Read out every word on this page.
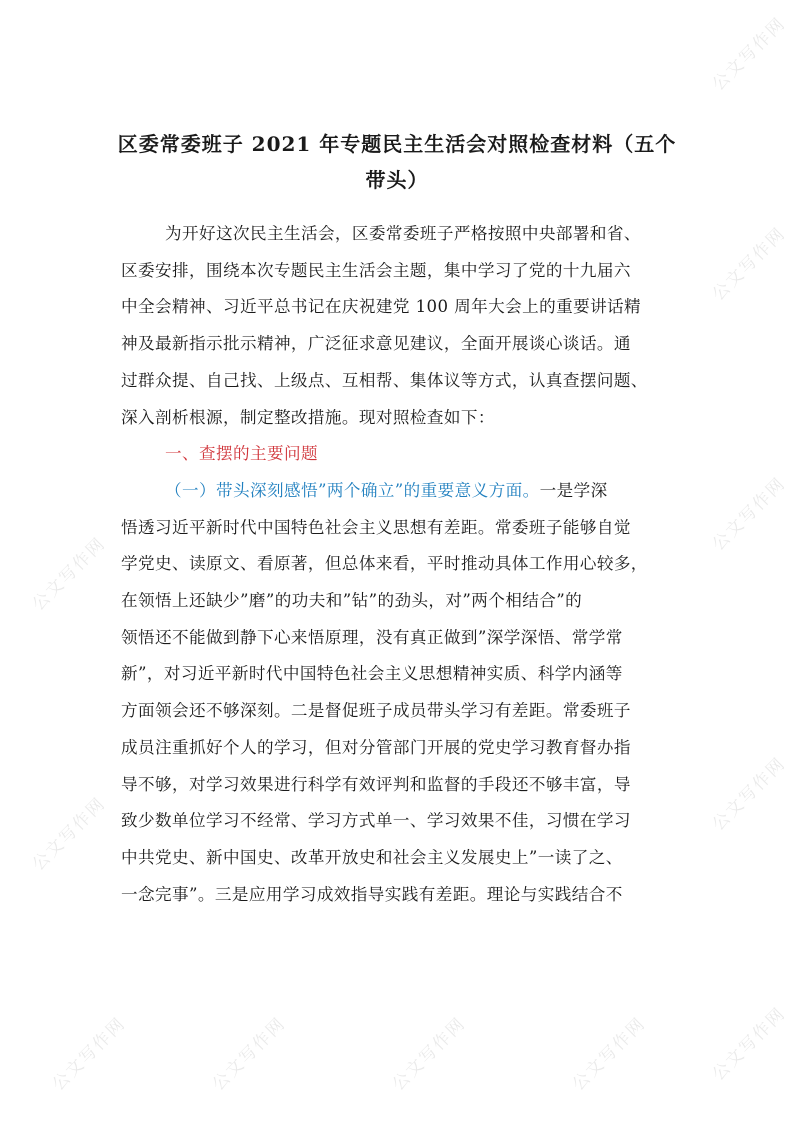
区委常委班子 2021 年专题民主生活会对照检查材料（五个
带头）
为开好这次民主生活会，区委常委班子严格按照中央部署和省、
区委安排，围绕本次专题民主生活会主题，集中学习了党的十九届六
中全会精神、习近平总书记在庆祝建党 100 周年大会上的重要讲话精
神及最新指示批示精神，广泛征求意见建议，全面开展谈心谈话。通
过群众提、自己找、上级点、互相帮、集体议等方式，认真查摆问题、
深入剖析根源，制定整改措施。现对照检查如下：
一、查摆的主要问题
（一）带头深刻感悟”两个确立”的重要意义方面。一是学深
悟透习近平新时代中国特色社会主义思想有差距。常委班子能够自觉
学党史、读原文、看原著，但总体来看，平时推动具体工作用心较多，
在领悟上还缺少”磨”的功夫和”钻”的劲头，对”两个相结合”的
领悟还不能做到静下心来悟原理，没有真正做到”深学深悟、常学常
新”，对习近平新时代中国特色社会主义思想精神实质、科学内涵等
方面领会还不够深刻。二是督促班子成员带头学习有差距。常委班子
成员注重抓好个人的学习，但对分管部门开展的党史学习教育督办指
导不够，对学习效果进行科学有效评判和监督的手段还不够丰富，导
致少数单位学习不经常、学习方式单一、学习效果不佳，习惯在学习
中共党史、新中国史、改革开放史和社会主义发展史上”一读了之、
一念完事”。三是应用学习成效指导实践有差距。理论与实践结合不
公文写作网
公文写作网
公文写作网
公文写作网
公文写作网
公文写作网
公文写作网	公文写作网	公文写作网	公文写作网
公文写作网
